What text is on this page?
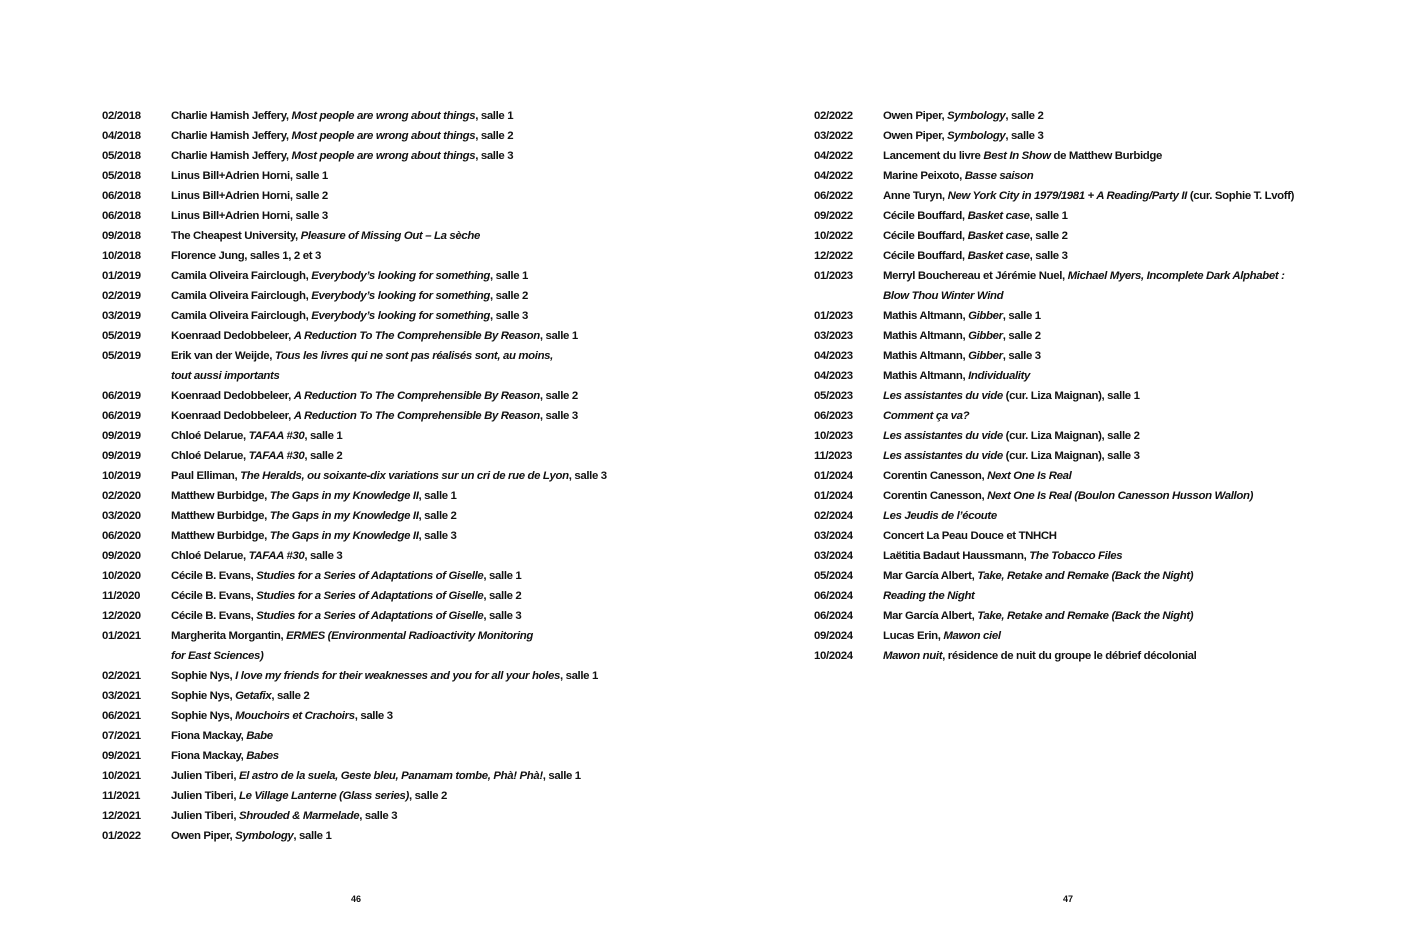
02/2018	Charlie Hamish Jeffery, Most people are wrong about things, salle 1
04/2018	Charlie Hamish Jeffery, Most people are wrong about things, salle 2
05/2018	Charlie Hamish Jeffery, Most people are wrong about things, salle 3
05/2018	Linus Bill+Adrien Horni, salle 1
06/2018	Linus Bill+Adrien Horni, salle 2
06/2018	Linus Bill+Adrien Horni, salle 3
09/2018	The Cheapest University, Pleasure of Missing Out – La sèche
10/2018	Florence Jung, salles 1, 2 et 3
01/2019	Camila Oliveira Fairclough, Everybody’s looking for something, salle 1
02/2019	Camila Oliveira Fairclough, Everybody’s looking for something, salle 2
03/2019	Camila Oliveira Fairclough, Everybody’s looking for something, salle 3
05/2019	Koenraad Dedobbeleer, A Reduction To The Comprehensible By Reason, salle 1
05/2019	Erik van der Weijde, Tous les livres qui ne sont pas réalisés sont, au moins,
tout aussi importants
06/2019	Koenraad Dedobbeleer, A Reduction To The Comprehensible By Reason, salle 2
06/2019	Koenraad Dedobbeleer, A Reduction To The Comprehensible By Reason, salle 3
09/2019	Chloé Delarue, TAFAA #30, salle 1
09/2019	Chloé Delarue, TAFAA #30, salle 2
10/2019	Paul Elliman, The Heralds, ou soixante-dix variations sur un cri de rue de Lyon, salle 3
02/2020	Matthew Burbidge, The Gaps in my Knowledge II, salle 1
03/2020	Matthew Burbidge, The Gaps in my Knowledge II, salle 2
06/2020	Matthew Burbidge, The Gaps in my Knowledge II, salle 3
09/2020	Chloé Delarue, TAFAA #30, salle 3
10/2020	Cécile B. Evans, Studies for a Series of Adaptations of Giselle, salle 1
11/2020	Cécile B. Evans, Studies for a Series of Adaptations of Giselle, salle 2
12/2020	Cécile B. Evans, Studies for a Series of Adaptations of Giselle, salle 3
01/2021	Margherita Morgantin, ERMES (Environmental Radioactivity Monitoring
for East Sciences)
02/2021	Sophie Nys, I love my friends for their weaknesses and you for all your holes, salle 1
03/2021	Sophie Nys, Getafix, salle 2
06/2021	Sophie Nys, Mouchoirs et Crachoirs, salle 3
07/2021	Fiona Mackay, Babe
09/2021	Fiona Mackay, Babes
10/2021	Julien Tiberi, El astro de la suela, Geste bleu, Panamam tombe, Phà! Phà!, salle 1
11/2021	Julien Tiberi, Le Village Lanterne (Glass series), salle 2
12/2021	Julien Tiberi, Shrouded & Marmelade, salle 3
01/2022	Owen Piper, Symbology, salle 1
46
02/2022	Owen Piper, Symbology, salle 2
03/2022	Owen Piper, Symbology, salle 3
04/2022	Lancement du livre Best In Show de Matthew Burbidge
04/2022	Marine Peixoto, Basse saison
06/2022	Anne Turyn, New York City in 1979/1981 + A Reading/Party II (cur. Sophie T. Lvoff)
09/2022	Cécile Bouffard, Basket case, salle 1
10/2022	Cécile Bouffard, Basket case, salle 2
12/2022	Cécile Bouffard, Basket case, salle 3
01/2023	Merryl Bouchereau et Jérémie Nuel, Michael Myers, Incomplete Dark Alphabet :
Blow Thou Winter Wind
01/2023	Mathis Altmann, Gibber, salle 1
03/2023	Mathis Altmann, Gibber, salle 2
04/2023	Mathis Altmann, Gibber, salle 3
04/2023	Mathis Altmann, Individuality
05/2023	Les assistantes du vide (cur. Liza Maignan), salle 1
06/2023	Comment ça va?
10/2023	Les assistantes du vide (cur. Liza Maignan), salle 2
11/2023	Les assistantes du vide (cur. Liza Maignan), salle 3
01/2024	Corentin Canesson, Next One Is Real
01/2024	Corentin Canesson, Next One Is Real (Boulon Canesson Husson Wallon)
02/2024	Les Jeudis de l’écoute
03/2024	Concert La Peau Douce et TNHCH
03/2024	Laëtitia Badaut Haussmann, The Tobacco Files
05/2024	Mar García Albert, Take, Retake and Remake (Back the Night)
06/2024	Reading the Night
06/2024	Mar García Albert, Take, Retake and Remake (Back the Night)
09/2024	Lucas Erin, Mawon ciel
10/2024	Mawon nuit, résidence de nuit du groupe le débrief décolonial
47
